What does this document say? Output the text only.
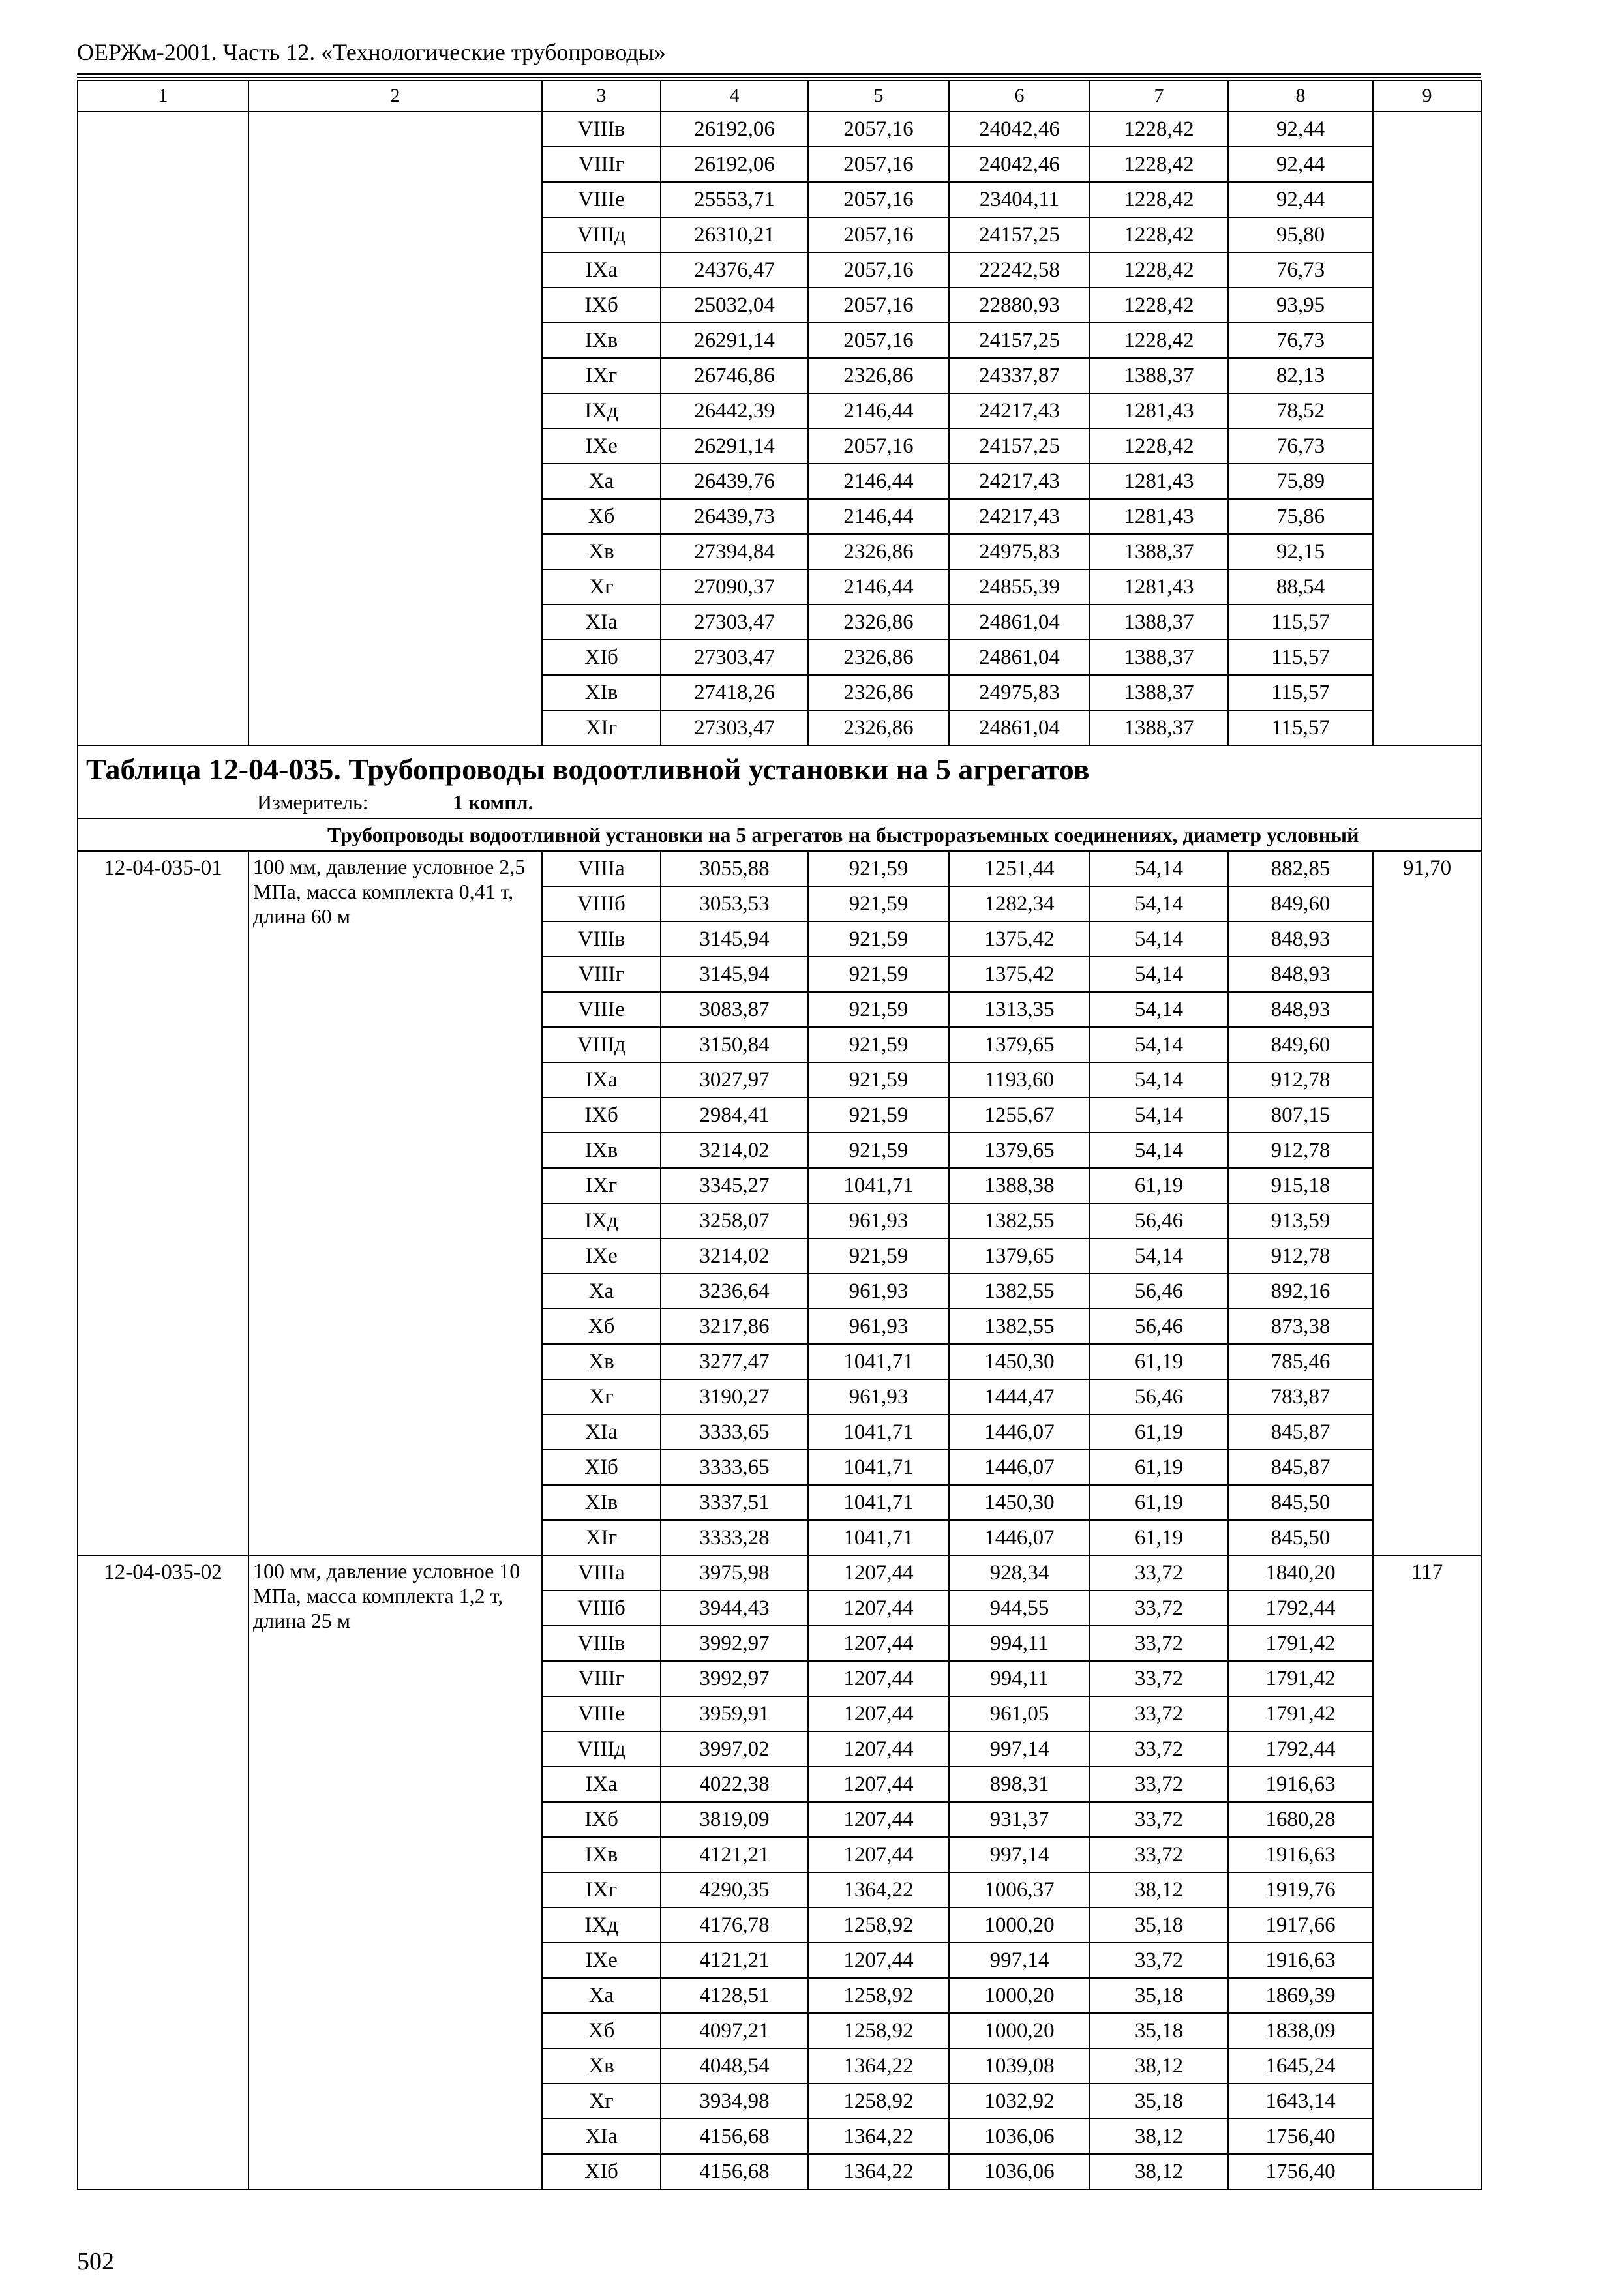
ОЕРЖм-2001. Часть 12. «Технологические трубопроводы»
1	2	3	4	5	6	7	8	9
		VIIIв	26192,06	2057,16	24042,46	1228,42	92,44	
		VIIIг	26192,06	2057,16	24042,46	1228,42	92,44	
		VIIIе	25553,71	2057,16	23404,11	1228,42	92,44	
		VIIIд	26310,21	2057,16	24157,25	1228,42	95,80	
		IXа	24376,47	2057,16	22242,58	1228,42	76,73	
		IXб	25032,04	2057,16	22880,93	1228,42	93,95	
		IXв	26291,14	2057,16	24157,25	1228,42	76,73	
		IXг	26746,86	2326,86	24337,87	1388,37	82,13	
		IXд	26442,39	2146,44	24217,43	1281,43	78,52	
		IXе	26291,14	2057,16	24157,25	1228,42	76,73	
		Xа	26439,76	2146,44	24217,43	1281,43	75,89	
		Xб	26439,73	2146,44	24217,43	1281,43	75,86	
		Xв	27394,84	2326,86	24975,83	1388,37	92,15	
		Xг	27090,37	2146,44	24855,39	1281,43	88,54	
		XIа	27303,47	2326,86	24861,04	1388,37	115,57	
		XIб	27303,47	2326,86	24861,04	1388,37	115,57	
		XIв	27418,26	2326,86	24975,83	1388,37	115,57	
		XIг	27303,47	2326,86	24861,04	1388,37	115,57	

Таблица 12-04-035. Трубопроводы водоотливной установки на 5 агрегатов
Измеритель: 1 компл.								

Трубопроводы водоотливной установки на 5 агрегатов на быстроразъемных соединениях, диаметр условный								
12-04-035-01	100 мм, давление условное 2,5 МПа, масса комплекта 0,41 т, длина 60 м	VIIIа	3055,88	921,59	1251,44	54,14	882,85	91,70
		VIIIб	3053,53	921,59	1282,34	54,14	849,60	
		VIIIв	3145,94	921,59	1375,42	54,14	848,93	
		VIIIг	3145,94	921,59	1375,42	54,14	848,93	
		VIIIе	3083,87	921,59	1313,35	54,14	848,93	
		VIIIд	3150,84	921,59	1379,65	54,14	849,60	
		IXа	3027,97	921,59	1193,60	54,14	912,78	
		IXб	2984,41	921,59	1255,67	54,14	807,15	
		IXв	3214,02	921,59	1379,65	54,14	912,78	
		IXг	3345,27	1041,71	1388,38	61,19	915,18	
		IXд	3258,07	961,93	1382,55	56,46	913,59	
		IXе	3214,02	921,59	1379,65	54,14	912,78	
		Xа	3236,64	961,93	1382,55	56,46	892,16	
		Xб	3217,86	961,93	1382,55	56,46	873,38	
		Xв	3277,47	1041,71	1450,30	61,19	785,46	
		Xг	3190,27	961,93	1444,47	56,46	783,87	
		XIа	3333,65	1041,71	1446,07	61,19	845,87	
		XIб	3333,65	1041,71	1446,07	61,19	845,87	
		XIв	3337,51	1041,71	1450,30	61,19	845,50	
		XIг	3333,28	1041,71	1446,07	61,19	845,50	
12-04-035-02	100 мм, давление условное 10 МПа, масса комплекта 1,2 т, длина 25 м	VIIIа	3975,98	1207,44	928,34	33,72	1840,20	117
		VIIIб	3944,43	1207,44	944,55	33,72	1792,44	
		VIIIв	3992,97	1207,44	994,11	33,72	1791,42	
		VIIIг	3992,97	1207,44	994,11	33,72	1791,42	
		VIIIе	3959,91	1207,44	961,05	33,72	1791,42	
		VIIIд	3997,02	1207,44	997,14	33,72	1792,44	
		IXа	4022,38	1207,44	898,31	33,72	1916,63	
		IXб	3819,09	1207,44	931,37	33,72	1680,28	
		IXв	4121,21	1207,44	997,14	33,72	1916,63	
		IXг	4290,35	1364,22	1006,37	38,12	1919,76	
		IXд	4176,78	1258,92	1000,20	35,18	1917,66	
		IXе	4121,21	1207,44	997,14	33,72	1916,63	
		Xа	4128,51	1258,92	1000,20	35,18	1869,39	
		Xб	4097,21	1258,92	1000,20	35,18	1838,09	
		Xв	4048,54	1364,22	1039,08	38,12	1645,24	
		Xг	3934,98	1258,92	1032,92	35,18	1643,14	
		XIа	4156,68	1364,22	1036,06	38,12	1756,40	
		XIб	4156,68	1364,22	1036,06	38,12	1756,40	
502
